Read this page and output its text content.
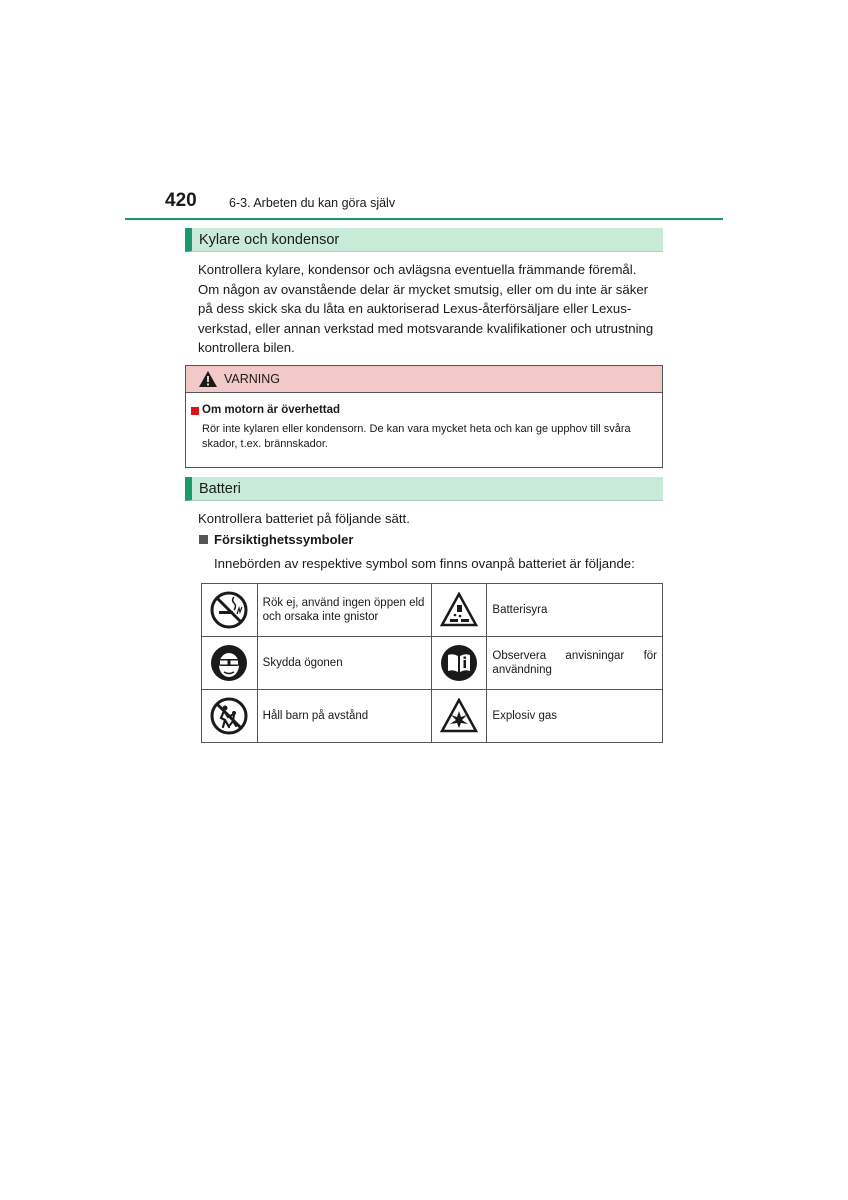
420	6-3. Arbeten du kan göra själv
Kylare och kondensor
Kontrollera kylare, kondensor och avlägsna eventuella främmande föremål.
Om någon av ovanstående delar är mycket smutsig, eller om du inte är säker på dess skick ska du låta en auktoriserad Lexus-återförsäljare eller Lexus-verkstad, eller annan verkstad med motsvarande kvalifikationer och utrustning kontrollera bilen.
VARNING
Om motorn är överhettad
Rör inte kylaren eller kondensorn. De kan vara mycket heta och kan ge upphov till svåra skador, t.ex. brännskador.
Batteri
Kontrollera batteriet på följande sätt.
Försiktighetssymboler
Innebörden av respektive symbol som finns ovanpå batteriet är följande:
	Rök ej, använd ingen öppen eld och orsaka inte gnistor		Batterisyra

	Skydda ögonen		Observera anvisningar för användning

	Håll barn på avstånd		Explosiv gas
